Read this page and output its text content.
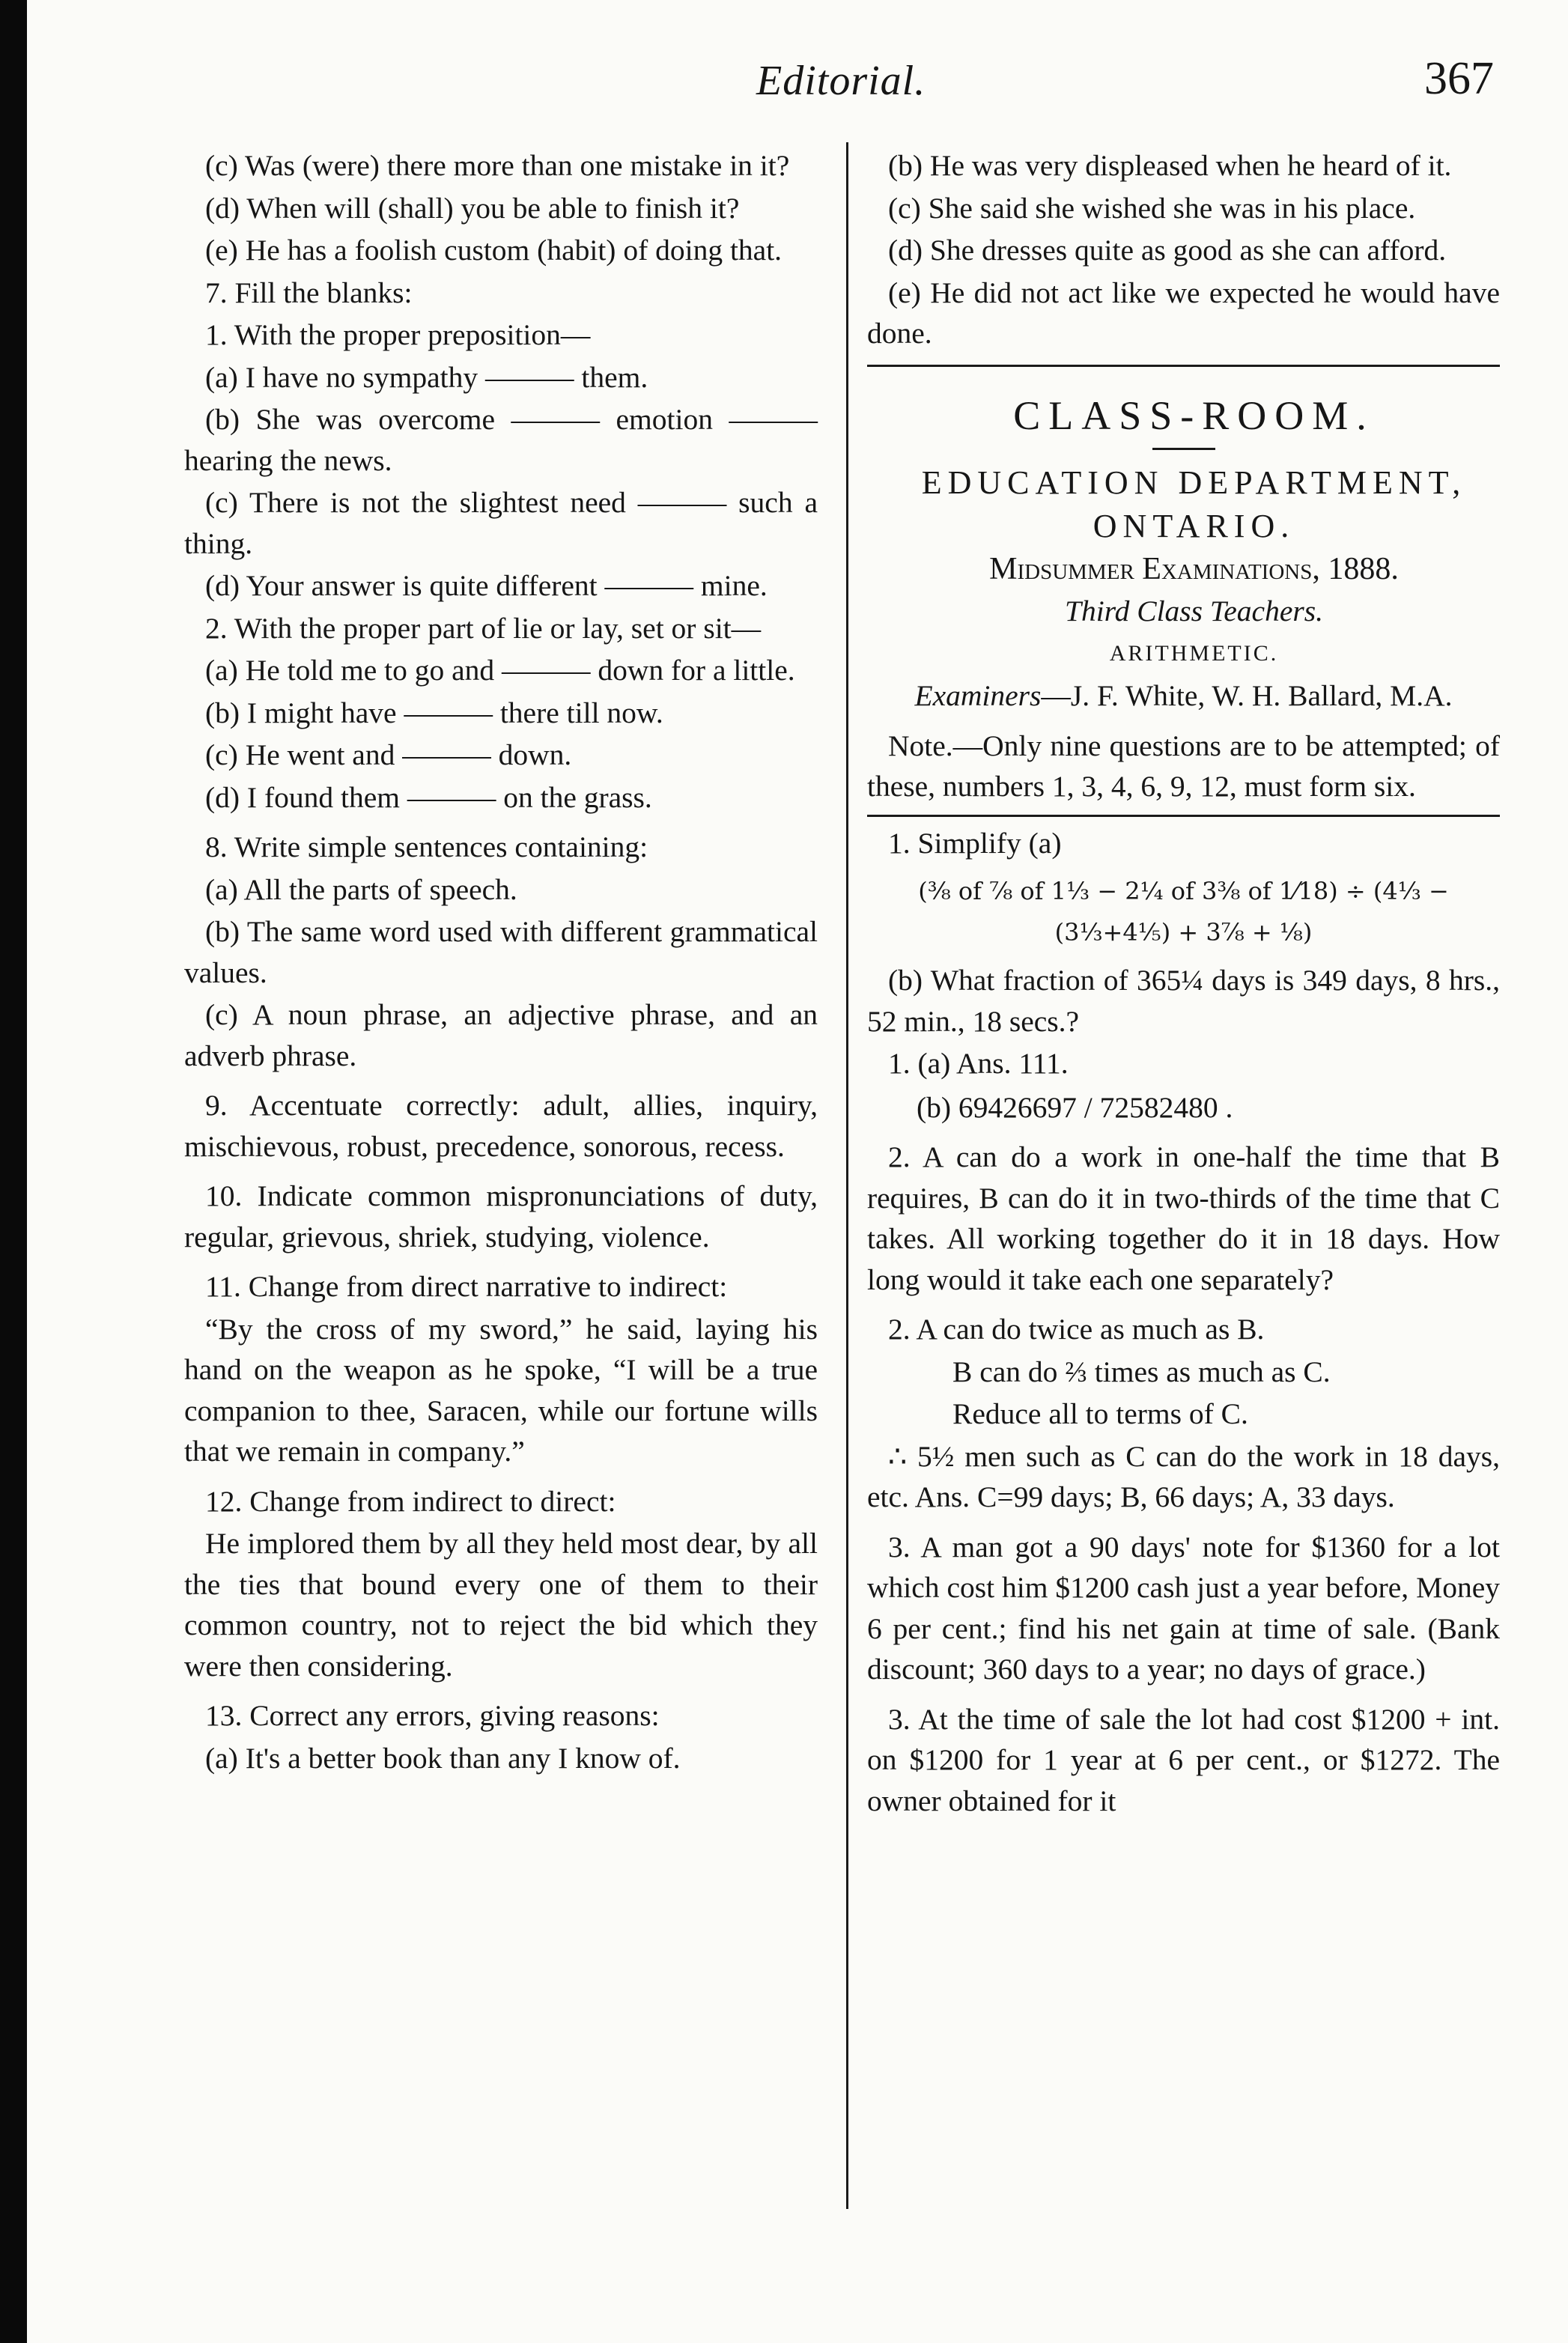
Editorial.	367

(c) Was (were) there more than one mistake in it?

(d) When will (shall) you be able to finish it?

(e) He has a foolish custom (habit) of doing that.

7. Fill the blanks:

1. With the proper preposition—

(a) I have no sympathy ——— them.

(b) She was overcome ——— emotion ——— hearing the news.

(c) There is not the slightest need ——— such a thing.

(d) Your answer is quite different ——— mine.

2. With the proper part of lie or lay, set or sit—

(a) He told me to go and ——— down for a little.

(b) I might have ——— there till now.

(c) He went and ——— down.

(d) I found them ——— on the grass.

8. Write simple sentences containing:

(a) All the parts of speech.

(b) The same word used with different grammatical values.

(c) A noun phrase, an adjective phrase, and an adverb phrase.

9. Accentuate correctly: adult, allies, inquiry, mischievous, robust, precedence, sonorous, recess.

10. Indicate common mispronunciations of duty, regular, grievous, shriek, studying, violence.

11. Change from direct narrative to indirect:

“By the cross of my sword,” he said, laying his hand on the weapon as he spoke, “I will be a true companion to thee, Saracen, while our fortune wills that we remain in company.”

12. Change from indirect to direct:

He implored them by all they held most dear, by all the ties that bound every one of them to their common country, not to reject the bid which they were then considering.

13. Correct any errors, giving reasons:

(a) It's a better book than any I know of.

(b) He was very displeased when he heard of it.

(c) She said she wished she was in his place.

(d) She dresses quite as good as she can afford.

(e) He did not act like we expected he would have done.

CLASS-ROOM.

EDUCATION DEPARTMENT,

ONTARIO.

Midsummer Examinations, 1888.

Third Class Teachers.

ARITHMETIC.

Examiners—J. F. White, W. H. Ballard, M.A.

Note.—Only nine questions are to be attempted; of these, numbers 1, 3, 4, 6, 9, 12, must form six.

1. Simplify (a)

(⅜ of ⅞ of 1⅓ − 2¼ of 3⅜ of 1⁄18) ÷ (4⅓ − (3⅓+4⅕) + 3⅞ + ⅛)

(b) What fraction of 365¼ days is 349 days, 8 hrs., 52 min., 18 secs.?

1. (a) Ans. 111.

(b) 69426697 / 72582480 .

2. A can do a work in one-half the time that B requires, B can do it in two-thirds of the time that C takes. All working together do it in 18 days. How long would it take each one separately?

2. A can do twice as much as B.

B can do ⅔ times as much as C.

Reduce all to terms of C.

∴ 5½ men such as C can do the work in 18 days, etc. Ans. C=99 days; B, 66 days; A, 33 days.

3. A man got a 90 days' note for $1360 for a lot which cost him $1200 cash just a year before, Money 6 per cent.; find his net gain at time of sale. (Bank discount; 360 days to a year; no days of grace.)

3. At the time of sale the lot had cost $1200 + int. on $1200 for 1 year at 6 per cent., or $1272. The owner obtained for it
